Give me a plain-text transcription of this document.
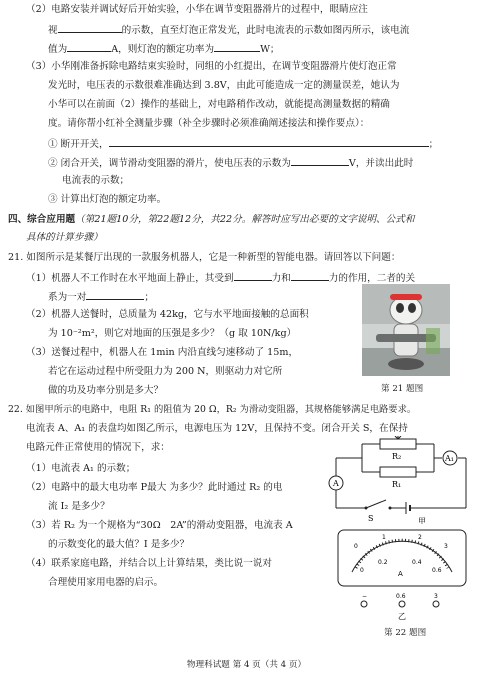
（2）电路安装并调试好后开始实验，小华在调节变阻器滑片的过程中，眼睛应注
视	的示数，直至灯泡正常发光，此时电流表的示数如图丙所示，该电流
值为	A，则灯泡的额定功率为	W；
（3）小华刚准备拆除电路结束实验时，同组的小红提出，在调节变阻器滑片使灯泡正常
发光时，电压表的示数很难准确达到 3.8V，由此可能造成一定的测量误差，她认为
小华可以在前面（2）操作的基础上，对电路稍作改动，就能提高测量数据的精确
度。请你帮小红补全测量步骤（补全步骤时必须准确阐述接法和操作要点）：
① 断开开关，	；
② 闭合开关，调节滑动变阻器的滑片，使电压表的示数为	V，并读出此时
电流表的示数；
③ 计算出灯泡的额定功率。
四、综合应用题（第21题10分，第22题12分，共22分。解答时应写出必要的文字说明、公式和
具体的计算步骤）
21. 如图所示是某餐厅出现的一款服务机器人，它是一种新型的智能电器。请回答以下问题：
（1）机器人不工作时在水平地面上静止，其受到	力和	力的作用，二者的关
系为一对	；
（2）机器人送餐时，总质量为 42kg，它与水平地面接触的总面积
为 10⁻²m²，则它对地面的压强是多少？（g 取 10N/kg）
（3）送餐过程中，机器人在 1min 内沿直线匀速移动了 15m，
若它在运动过程中所受阻力为 200 N，则驱动力对它所
做的功及功率分别是多大？	第 21 题图
22. 如图甲所示的电路中，电阻 R₁ 的阻值为 20 Ω，R₂ 为滑动变阻器，其规格能够满足电路要求。
电流表 A、A₁ 的表盘均如图乙所示，电源电压为 12V，且保持不变。闭合开关 S，在保持
电路元件正常使用的情况下，求：
（1）电流表 A₁ 的示数；
（2）电路中的最大电功率 P最大 为多少？此时通过 R₂ 的电
流 I₂ 是多少？
（3）若 R₂ 为一个规格为“30Ω　2A”的滑动变阻器，电流表 A
的示数变化的最大值？I 是多少？
（4）联系家庭电路，并结合以上计算结果，类比说一说对
合理使用家用电器的启示。
A
A₁
R₂
R₁
S	甲
0
1	2
3
0
0.2	0.4
0.6
A
−	0.6	3
乙
第 22 题图
物理科试题 第 4 页（共 4 页）
